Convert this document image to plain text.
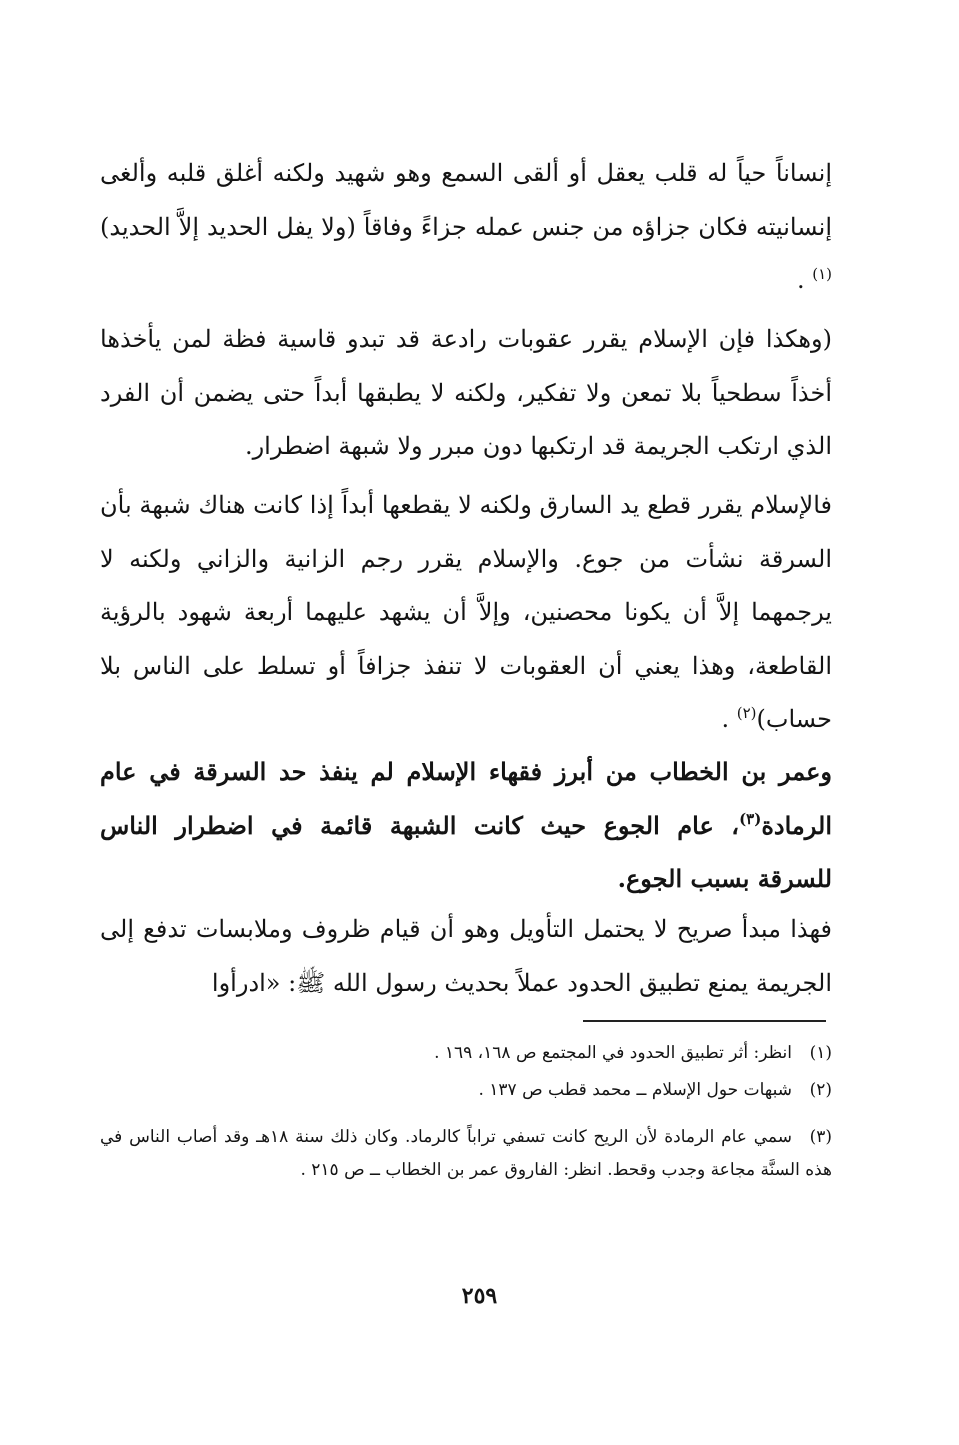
إنساناً حياً له قلب يعقل أو ألقى السمع وهو شهيد ولكنه أغلق قلبه وألغى إنسانيته فكان جزاؤه من جنس عمله جزاءً وفاقاً (ولا يفل الحديد إلاَّ الحديد)$^{(١)}$ .

(وهكذا فإن الإسلام يقرر عقوبات رادعة قد تبدو قاسية فظة لمن يأخذها أخذاً سطحياً بلا تمعن ولا تفكير، ولكنه لا يطبقها أبداً حتى يضمن أن الفرد الذي ارتكب الجريمة قد ارتكبها دون مبرر ولا شبهة اضطرار.

فالإسلام يقرر قطع يد السارق ولكنه لا يقطعها أبداً إذا كانت هناك شبهة بأن السرقة نشأت من جوع. والإسلام يقرر رجم الزانية والزاني ولكنه لا يرجمهما إلاَّ أن يكونا محصنين، وإلاَّ أن يشهد عليهما أربعة شهود بالرؤية القاطعة، وهذا يعني أن العقوبات لا تنفذ جزافاً أو تسلط على الناس بلا حساب)$^{(٢)}$ .

وعمر بن الخطاب من أبرز فقهاء الإسلام لم ينفذ حد السرقة في عام الرمادة$^{(٣)}$، عام الجوع حيث كانت الشبهة قائمة في اضطرار الناس للسرقة بسبب الجوع.

فهذا مبدأ صريح لا يحتمل التأويل وهو أن قيام ظروف وملابسات تدفع إلى الجريمة يمنع تطبيق الحدود عملاً بحديث رسول الله ﷺ: «ادرأوا

(١)انظر: أثر تطبيق الحدود في المجتمع ص ١٦٨، ١٦٩ .

(٢)شبهات حول الإسلام ــ محمد قطب ص ١٣٧ .

(٣)سمي عام الرمادة لأن الريح كانت تسفي تراباً كالرماد. وكان ذلك سنة ١٨هـ وقد أصاب الناس في هذه السنَّة مجاعة وجدب وقحط. انظر: الفاروق عمر بن الخطاب ــ ص ٢١٥ .

٢٥٩
